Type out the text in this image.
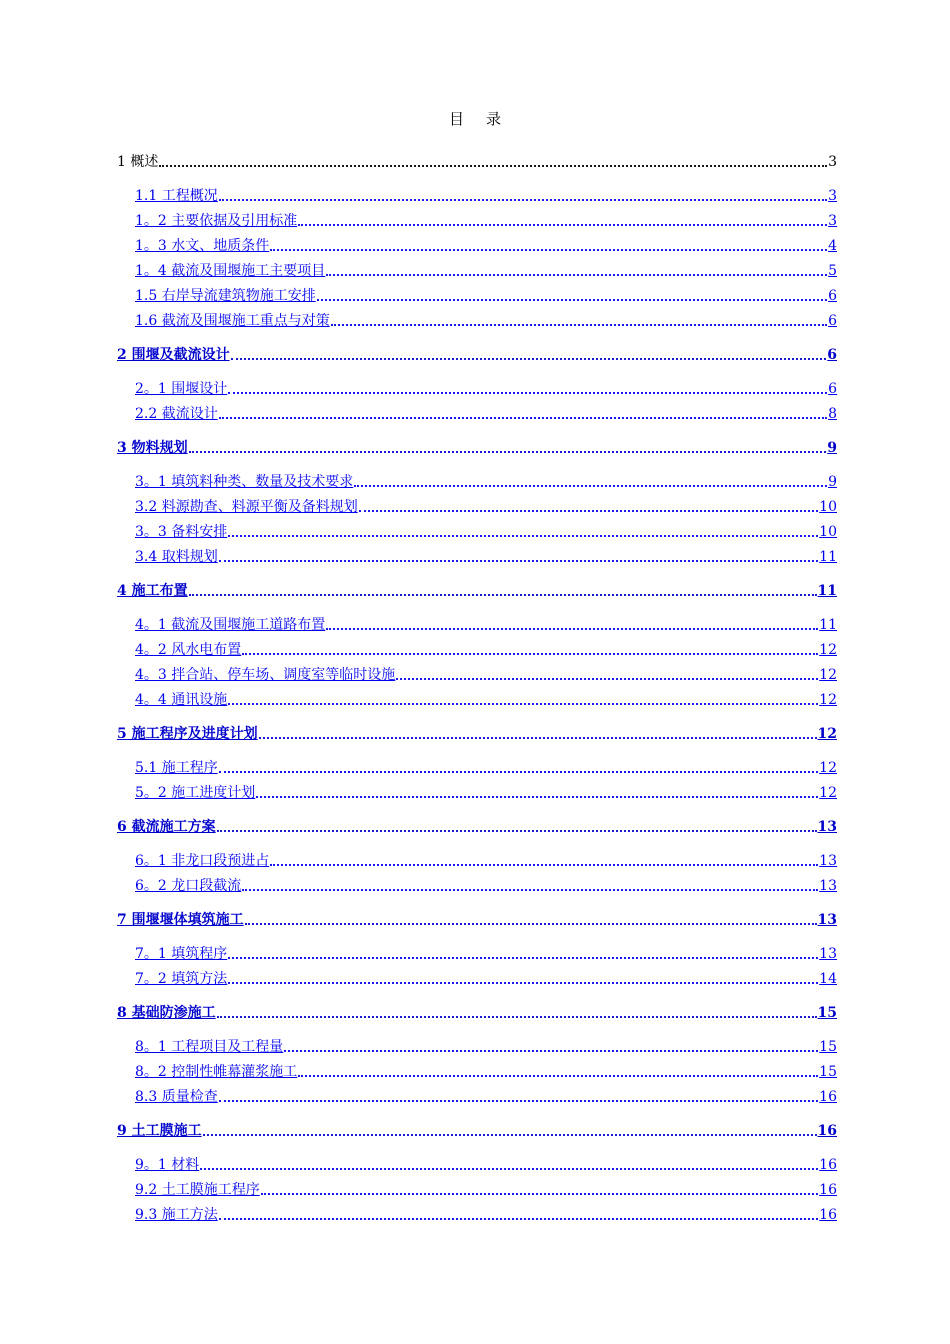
目 录
1 概述	3
1.1 工程概况	3
1。2 主要依据及引用标准	3
1。3 水文、地质条件	4
1。4 截流及围堰施工主要项目	5
1.5 右岸导流建筑物施工安排	6
1.6 截流及围堰施工重点与对策	6
2 围堰及截流设计	6
2。1 围堰设计	6
2.2 截流设计	8
3 物料规划	9
3。1 填筑料种类、数量及技术要求	9
3.2 料源勘查、料源平衡及备料规划	10
3。3 备料安排	10
3.4 取料规划	11
4 施工布置	11
4。1 截流及围堰施工道路布置	11
4。2 风水电布置	12
4。3 拌合站、停车场、调度室等临时设施	12
4。4 通讯设施	12
5 施工程序及进度计划	12
5.1 施工程序	12
5。2 施工进度计划	12
6 截流施工方案	13
6。1 非龙口段预进占	13
6。2 龙口段截流	13
7 围堰堰体填筑施工	13
7。1 填筑程序	13
7。2 填筑方法	14
8 基础防渗施工	15
8。1 工程项目及工程量	15
8。2 控制性帷幕灌浆施工	15
8.3 质量检查	16
9 土工膜施工	16
9。1 材料	16
9.2 土工膜施工程序	16
9.3 施工方法	16
